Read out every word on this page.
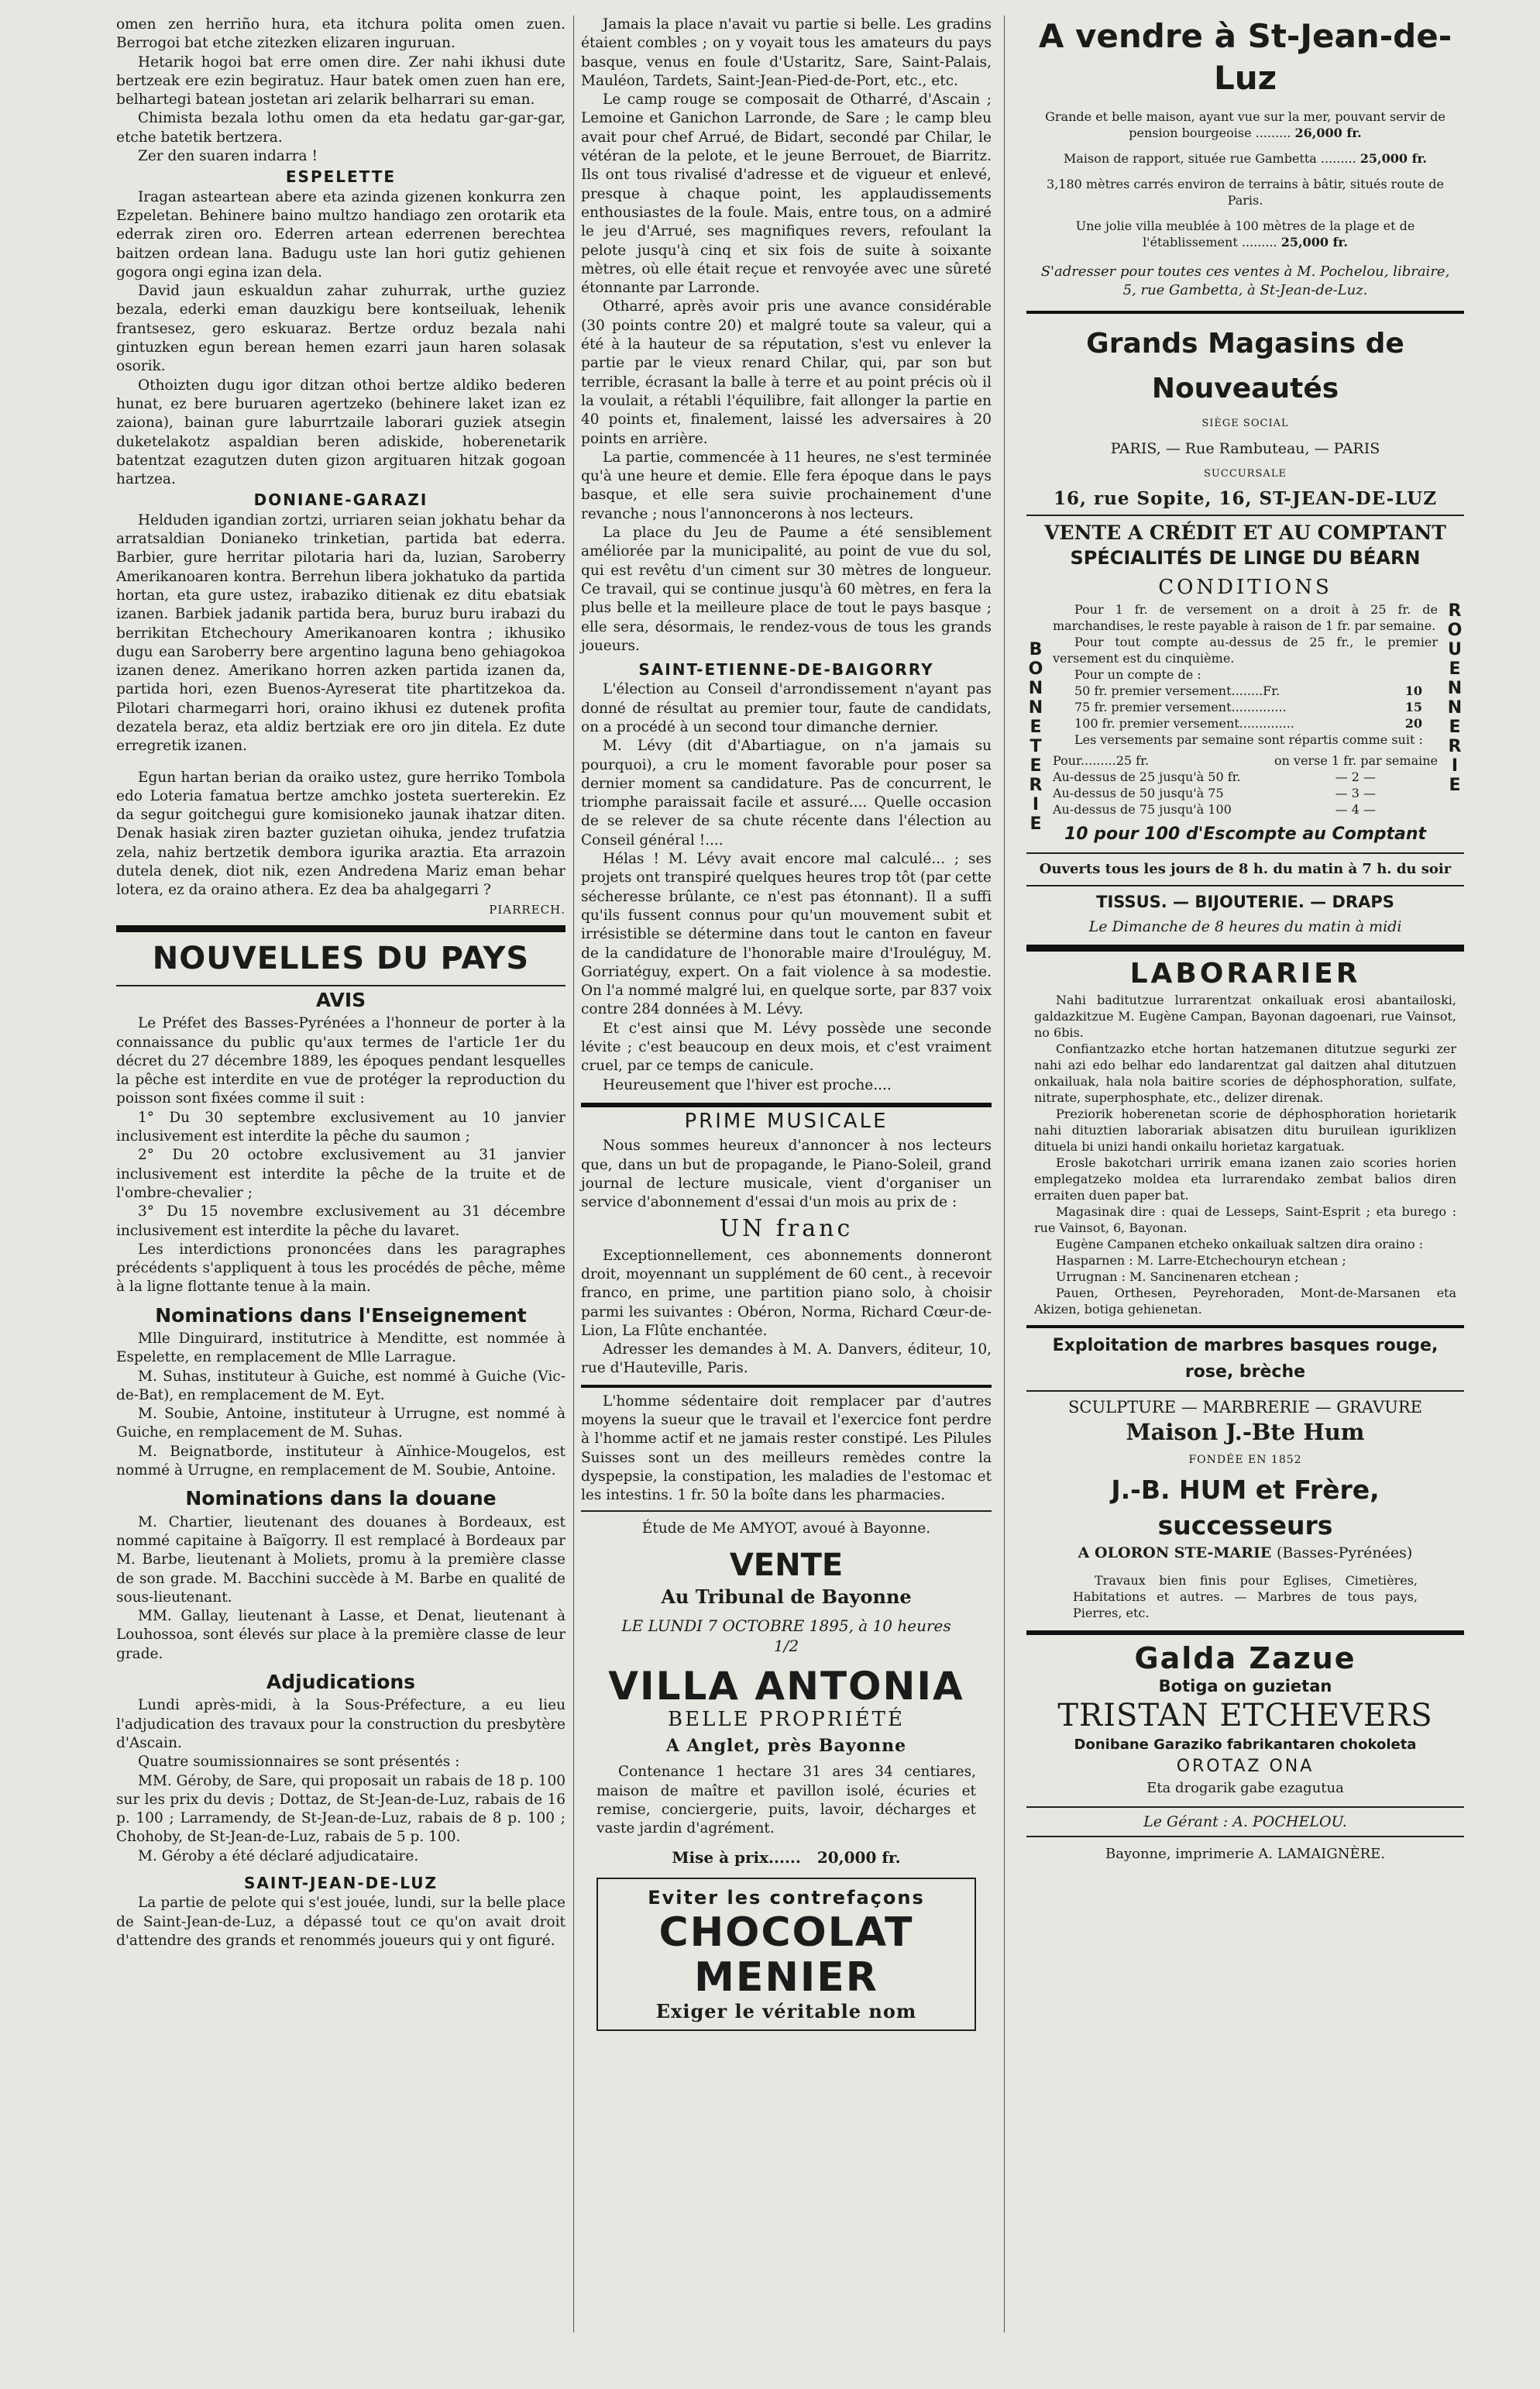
omen zen herriño hura, eta itchura polita omen zuen. Berrogoi bat etche zitezken elizaren inguruan.

Hetarik hogoi bat erre omen dire. Zer nahi ikhusi dute bertzeak ere ezin begiratuz. Haur batek omen zuen han ere, belhartegi batean jostetan ari zelarik belharrari su eman.

Chimista bezala lothu omen da eta hedatu gar-gar-gar, etche batetik bertzera.

Zer den suaren indarra !

ESPELETTE

Iragan asteartean abere eta azinda gizenen konkurra zen Ezpeletan. Behinere baino multzo handiago zen orotarik eta ederrak ziren oro. Ederren artean ederrenen berechtea baitzen ordean lana. Badugu uste lan hori gutiz gehienen gogora ongi egina izan dela.

David jaun eskualdun zahar zuhurrak, urthe guziez bezala, ederki eman dauzkigu bere kontseiluak, lehenik frantsesez, gero eskuaraz. Bertze orduz bezala nahi gintuzken egun berean hemen ezarri jaun haren solasak osorik.

Othoizten dugu igor ditzan othoi bertze aldiko bederen hunat, ez bere buruaren agertzeko (behinere laket izan ez zaiona), bainan gure laburrtzaile laborari guziek atsegin duketelakotz aspaldian beren adiskide, hoberenetarik batentzat ezagutzen duten gizon argituaren hitzak gogoan hartzea.

DONIANE-GARAZI

Helduden igandian zortzi, urriaren seian jokhatu behar da arratsaldian Donianeko trinketian, partida bat ederra. Barbier, gure herritar pilotaria hari da, luzian, Saroberry Amerikanoaren kontra. Berrehun libera jokhatuko da partida hortan, eta gure ustez, irabaziko ditienak ez ditu ebatsiak izanen. Barbiek jadanik partida bera, buruz buru irabazi du berrikitan Etchechoury Amerikanoaren kontra ; ikhusiko dugu ean Saroberry bere argentino laguna beno gehiagokoa izanen denez. Amerikano horren azken partida izanen da, partida hori, ezen Buenos-Ayreserat tite phartitzekoa da. Pilotari charmegarri hori, oraino ikhusi ez dutenek profita dezatela beraz, eta aldiz bertziak ere oro jin ditela. Ez dute erregretik izanen.

Egun hartan berian da oraiko ustez, gure herriko Tombola edo Loteria famatua bertze amchko josteta suerterekin. Ez da segur goitchegui gure komisioneko jaunak ihatzar diten. Denak hasiak ziren bazter guzietan oihuka, jendez trufatzia zela, nahiz bertzetik dembora igurika araztia. Eta arrazoin dutela denek, diot nik, ezen Andredena Mariz eman behar lotera, ez da oraino athera. Ez dea ba ahalgegarri ?

PIARRECH.

NOUVELLES DU PAYS
AVIS

Le Préfet des Basses-Pyrénées a l'honneur de porter à la connaissance du public qu'aux termes de l'article 1er du décret du 27 décembre 1889, les époques pendant lesquelles la pêche est interdite en vue de protéger la reproduction du poisson sont fixées comme il suit :

1° Du 30 septembre exclusivement au 10 janvier inclusivement est interdite la pêche du saumon ;

2° Du 20 octobre exclusivement au 31 janvier inclusivement est interdite la pêche de la truite et de l'ombre-chevalier ;

3° Du 15 novembre exclusivement au 31 décembre inclusivement est interdite la pêche du lavaret.

Les interdictions prononcées dans les paragraphes précédents s'appliquent à tous les procédés de pêche, même à la ligne flottante tenue à la main.

Nominations dans l'Enseignement

Mlle Dinguirard, institutrice à Menditte, est nommée à Espelette, en remplacement de Mlle Larrague.

M. Suhas, instituteur à Guiche, est nommé à Guiche (Vic-de-Bat), en remplacement de M. Eyt.

M. Soubie, Antoine, instituteur à Urrugne, est nommé à Guiche, en remplacement de M. Suhas.

M. Beignatborde, instituteur à Aïnhice-Mougelos, est nommé à Urrugne, en remplacement de M. Soubie, Antoine.

Nominations dans la douane

M. Chartier, lieutenant des douanes à Bordeaux, est nommé capitaine à Baïgorry. Il est remplacé à Bordeaux par M. Barbe, lieutenant à Moliets, promu à la première classe de son grade. M. Bacchini succède à M. Barbe en qualité de sous-lieutenant.

MM. Gallay, lieutenant à Lasse, et Denat, lieutenant à Louhossoa, sont élevés sur place à la première classe de leur grade.

Adjudications

Lundi après-midi, à la Sous-Préfecture, a eu lieu l'adjudication des travaux pour la construction du presbytère d'Ascain.

Quatre soumissionnaires se sont présentés :

MM. Géroby, de Sare, qui proposait un rabais de 18 p. 100 sur les prix du devis ; Dottaz, de St-Jean-de-Luz, rabais de 16 p. 100 ; Larramendy, de St-Jean-de-Luz, rabais de 8 p. 100 ; Chohoby, de St-Jean-de-Luz, rabais de 5 p. 100.

M. Géroby a été déclaré adjudicataire.

SAINT-JEAN-DE-LUZ

La partie de pelote qui s'est jouée, lundi, sur la belle place de Saint-Jean-de-Luz, a dépassé tout ce qu'on avait droit d'attendre des grands et renommés joueurs qui y ont figuré.

Jamais la place n'avait vu partie si belle. Les gradins étaient combles ; on y voyait tous les amateurs du pays basque, venus en foule d'Ustaritz, Sare, Saint-Palais, Mauléon, Tardets, Saint-Jean-Pied-de-Port, etc., etc.

Le camp rouge se composait de Otharré, d'Ascain ; Lemoine et Ganichon Larronde, de Sare ; le camp bleu avait pour chef Arrué, de Bidart, secondé par Chilar, le vétéran de la pelote, et le jeune Berrouet, de Biarritz. Ils ont tous rivalisé d'adresse et de vigueur et enlevé, presque à chaque point, les applaudissements enthousiastes de la foule. Mais, entre tous, on a admiré le jeu d'Arrué, ses magnifiques revers, refoulant la pelote jusqu'à cinq et six fois de suite à soixante mètres, où elle était reçue et renvoyée avec une sûreté étonnante par Larronde.

Otharré, après avoir pris une avance considérable (30 points contre 20) et malgré toute sa valeur, qui a été à la hauteur de sa réputation, s'est vu enlever la partie par le vieux renard Chilar, qui, par son but terrible, écrasant la balle à terre et au point précis où il la voulait, a rétabli l'équilibre, fait allonger la partie en 40 points et, finalement, laissé les adversaires à 20 points en arrière.

La partie, commencée à 11 heures, ne s'est terminée qu'à une heure et demie. Elle fera époque dans le pays basque, et elle sera suivie prochainement d'une revanche ; nous l'annoncerons à nos lecteurs.

La place du Jeu de Paume a été sensiblement améliorée par la municipalité, au point de vue du sol, qui est revêtu d'un ciment sur 30 mètres de longueur. Ce travail, qui se continue jusqu'à 60 mètres, en fera la plus belle et la meilleure place de tout le pays basque ; elle sera, désormais, le rendez-vous de tous les grands joueurs.

SAINT-ETIENNE-DE-BAIGORRY

L'élection au Conseil d'arrondissement n'ayant pas donné de résultat au premier tour, faute de candidats, on a procédé à un second tour dimanche dernier.

M. Lévy (dit d'Abartiague, on n'a jamais su pourquoi), a cru le moment favorable pour poser sa dernier moment sa candidature. Pas de concurrent, le triomphe paraissait facile et assuré.... Quelle occasion de se relever de sa chute récente dans l'élection au Conseil général !....

Hélas ! M. Lévy avait encore mal calculé... ; ses projets ont transpiré quelques heures trop tôt (par cette sécheresse brûlante, ce n'est pas étonnant). Il a suffi qu'ils fussent connus pour qu'un mouvement subit et irrésistible se détermine dans tout le canton en faveur de la candidature de l'honorable maire d'Irouléguy, M. Gorriatéguy, expert. On a fait violence à sa modestie. On l'a nommé malgré lui, en quelque sorte, par 837 voix contre 284 données à M. Lévy.

Et c'est ainsi que M. Lévy possède une seconde lévite ; c'est beaucoup en deux mois, et c'est vraiment cruel, par ce temps de canicule.

Heureusement que l'hiver est proche....

PRIME MUSICALE

Nous sommes heureux d'annoncer à nos lecteurs que, dans un but de propagande, le Piano-Soleil, grand journal de lecture musicale, vient d'organiser un service d'abonnement d'essai d'un mois au prix de :

UN franc

Exceptionnellement, ces abonnements donneront droit, moyennant un supplément de 60 cent., à recevoir franco, en prime, une partition piano solo, à choisir parmi les suivantes : Obéron, Norma, Richard Cœur-de-Lion, La Flûte enchantée.

Adresser les demandes à M. A. Danvers, éditeur, 10, rue d'Hauteville, Paris.

L'homme sédentaire doit remplacer par d'autres moyens la sueur que le travail et l'exercice font perdre à l'homme actif et ne jamais rester constipé. Les Pilules Suisses sont un des meilleurs remèdes contre la dyspepsie, la constipation, les maladies de l'estomac et les intestins. 1 fr. 50 la boîte dans les pharmacies.

Étude de Me AMYOT, avoué à Bayonne.

VENTE
Au Tribunal de Bayonne
LE LUNDI 7 OCTOBRE 1895, à 10 heures 1/2
VILLA ANTONIA
BELLE PROPRIÉTÉ
A Anglet, près Bayonne

Contenance 1 hectare 31 ares 34 centiares, maison de maître et pavillon isolé, écuries et remise, conciergerie, puits, lavoir, décharges et vaste jardin d'agrément.

Mise à prix...... 20,000 fr.
Eviter les contrefaçons
CHOCOLAT
MENIER
Exiger le véritable nom
A vendre à St-Jean-de-Luz

Grande et belle maison, ayant vue sur la mer, pouvant servir de pension bourgeoise ......... 26,000 fr.

Maison de rapport, située rue Gambetta ......... 25,000 fr.

3,180 mètres carrés environ de terrains à bâtir, situés route de Paris.

Une jolie villa meublée à 100 mètres de la plage et de l'établissement ......... 25,000 fr.

S'adresser pour toutes ces ventes à M. Pochelou, libraire, 5, rue Gambetta, à St-Jean-de-Luz.

Grands Magasins de Nouveautés
SIÈGE SOCIAL
PARIS, — Rue Rambuteau, — PARIS
SUCCURSALE
16, rue Sopite, 16, ST-JEAN-DE-LUZ
VENTE A CRÉDIT ET AU COMPTANT
SPÉCIALITÉS DE LINGE DU BÉARN
CONDITIONS
B
O
N
N
E
T
E
R
I
E
R
O
U
E
N
N
E
R
I
E

Pour 1 fr. de versement on a droit à 25 fr. de marchandises, le reste payable à raison de 1 fr. par semaine.

Pour tout compte au-dessus de 25 fr., le premier versement est du cinquième.

Pour un compte de :

50 fr. premier versement........Fr.	10
75 fr. premier versement..............	15
100 fr. premier versement..............	20

Les versements par semaine sont répartis comme suit :

Pour.........25 fr.	on verse 1 fr. par semaine
Au-dessus de 25 jusqu'à 50 fr.	— 2 —
Au-dessus de 50 jusqu'à 75	— 3 —
Au-dessus de 75 jusqu'à 100	— 4 —
10 pour 100 d'Escompte au Comptant
Ouverts tous les jours de 8 h. du matin à 7 h. du soir
TISSUS. — BIJOUTERIE. — DRAPS
Le Dimanche de 8 heures du matin à midi
LABORARIER

Nahi baditutzue lurrarentzat onkailuak erosi abantailoski, galdazkitzue M. Eugène Campan, Bayonan dagoenari, rue Vainsot, no 6bis.

Confiantzazko etche hortan hatzemanen ditutzue segurki zer nahi azi edo belhar edo landarentzat gal daitzen ahal ditutzuen onkailuak, hala nola baitire scories de déphosphoration, sulfate, nitrate, superphosphate, etc., delizer direnak.

Preziorik hoberenetan scorie de déphosphoration horietarik nahi dituztien laborariak abisatzen ditu buruilean iguriklizen dituela bi unizi handi onkailu horietaz kargatuak.

Erosle bakotchari urririk emana izanen zaio scories horien emplegatzeko moldea eta lurrarendako zembat balios diren erraiten duen paper bat.

Magasinak dire : quai de Lesseps, Saint-Esprit ; eta burego : rue Vainsot, 6, Bayonan.

Eugène Campanen etcheko onkailuak saltzen dira oraino :

Hasparnen : M. Larre-Etchechouryn etchean ;

Urrugnan : M. Sancinenaren etchean ;

Pauen, Orthesen, Peyrehoraden, Mont-de-Marsanen eta Akizen, botiga gehienetan.

Exploitation de marbres basques rouge, rose, brèche
SCULPTURE — MARBRERIE — GRAVURE
Maison J.-Bte Hum
FONDÉE EN 1852
J.-B. HUM et Frère, successeurs
A OLORON STE-MARIE (Basses-Pyrénées)

Travaux bien finis pour Eglises, Cimetières, Habitations et autres. — Marbres de tous pays, Pierres, etc.

Galda Zazue
Botiga on guzietan
TRISTAN ETCHEVERS
Donibane Garaziko fabrikantaren chokoleta
OROTAZ ONA
Eta drogarik gabe ezagutua
Le Gérant : A. POCHELOU.
Bayonne, imprimerie A. LAMAIGNÈRE.
